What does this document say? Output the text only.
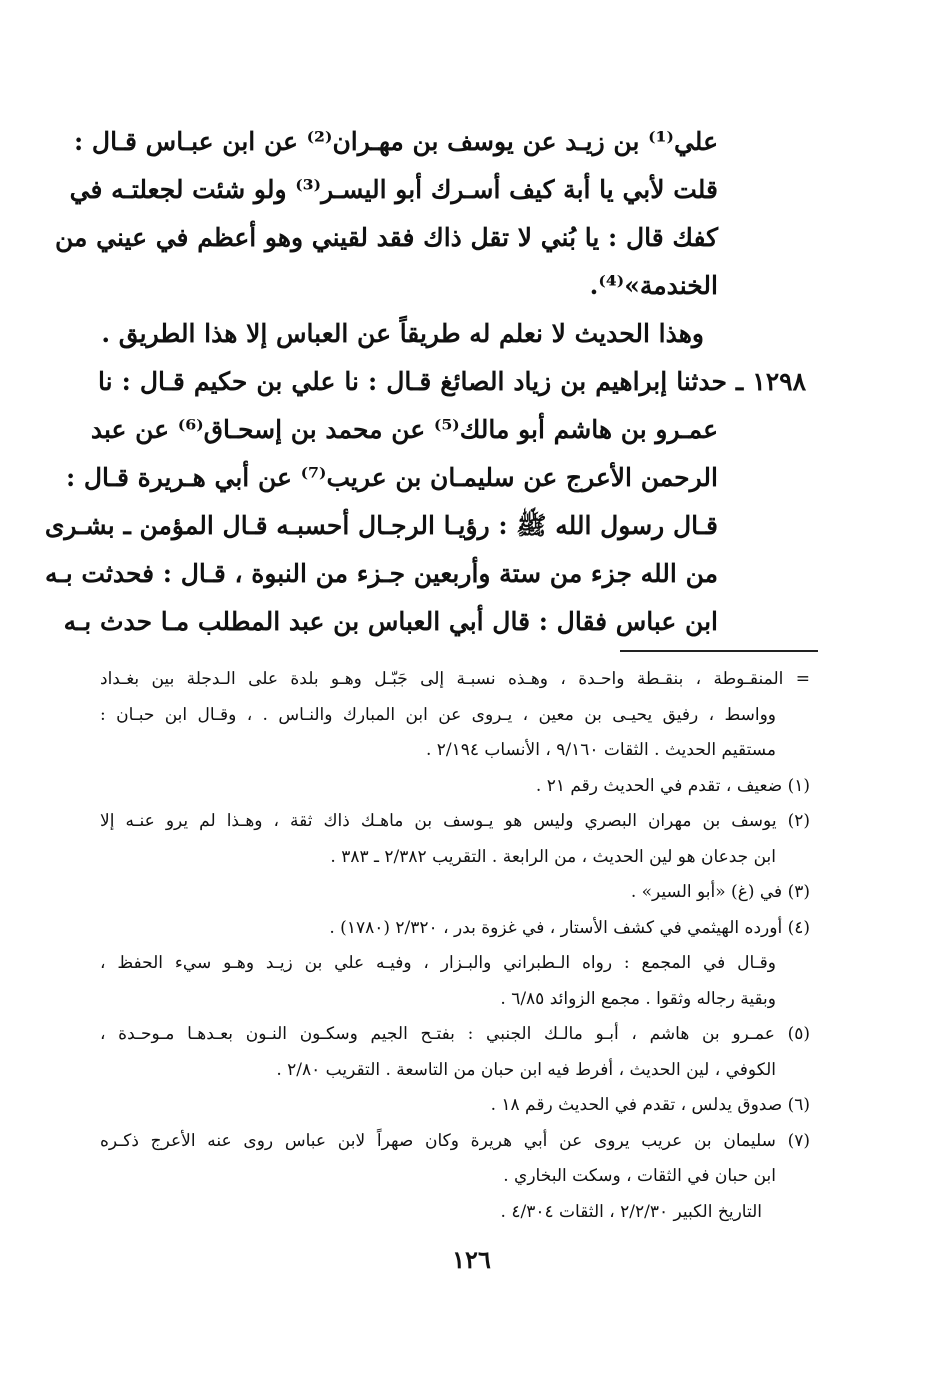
علي⁽¹⁾ بن زيـد عن يوسف بن مهـران⁽²⁾ عن ابن عبـاس قـال :
قلت لأبي يا أبة كيف أسـرك أبو اليسـر⁽³⁾ ولو شئت لجعلتـه في
كفك قال : يا بُني لا تقل ذاك فقد لقيني وهو أعظم في عيني من
الخندمة»⁽⁴⁾.
وهذا الحديث لا نعلم له طريقاً عن العباس إلا هذا الطريق .
١٢٩٨ ـ حدثنا إبراهيم بن زياد الصائغ قـال : نا علي بن حكيم قـال : نا
عمـرو بن هاشم أبو مالك⁽⁵⁾ عن محمد بن إسحـاق⁽⁶⁾ عن عبد
الرحمن الأعرج عن سليمـان بن عريب⁽⁷⁾ عن أبي هـريرة قـال :
قـال رسول الله ﷺ : رؤيـا الرجـال أحسبـه قـال المؤمن ـ بشـرى
من الله جزء من ستة وأربعين جـزء من النبوة ، قـال : فحدثت بـه
ابن عباس فقال : قال أبي العباس بن عبد المطلب مـا حدث بـه
= المنقـوطة ، بنقـطة واحـدة ، وهـذه نسبـة إلى جَبّـل وهـو بلدة على الـدجلة بين بغـداد
وواسط ، رفيق يحيـى بن معين ، يـروى عن ابن المبارك والنـاس . ، وقـال ابن حبـان :
مستقيم الحديث . الثقات ٩/١٦٠ ، الأنساب ٢/١٩٤ .
(١) ضعيف ، تقدم في الحديث رقم ٢١ .
(٢) يوسف بن مهران البصري وليس هو يـوسف بن ماهـك ذاك ثقة ، وهـذا لم يرو عنـه إلا
ابن جدعان هو لين الحديث ، من الرابعة . التقريب ٢/٣٨٢ ـ ٣٨٣ .
(٣) في (غ) «أبو السير» .
(٤) أورده الهيثمي في كشف الأستار ، في غزوة بدر ، ٢/٣٢٠ (١٧٨٠) .
وقـال في المجمع : رواه الـطبراني والبـزار ، وفيـه علي بن زيـد وهـو سيء الحفظ ،
وبقية رجاله وثقوا . مجمع الزوائد ٦/٨٥ .
(٥) عمـرو بن هاشم ، أبـو مالـك الجنبي : بفتـح الجيم وسكـون النـون بعـدهـا مـوحـدة ،
الكوفي ، لين الحديث ، أفرط فيه ابن حبان من التاسعة . التقريب ٢/٨٠ .
(٦) صدوق يدلس ، تقدم في الحديث رقم ١٨ .
(٧) سليمان بن عريب يروى عن أبي هريرة وكان صهراً لابن عباس روى عنه الأعرج ذكـره
ابن حبان في الثقات ، وسكت البخاري .
التاريخ الكبير ٢/٢/٣٠ ، الثقات ٤/٣٠٤ .
١٢٦
